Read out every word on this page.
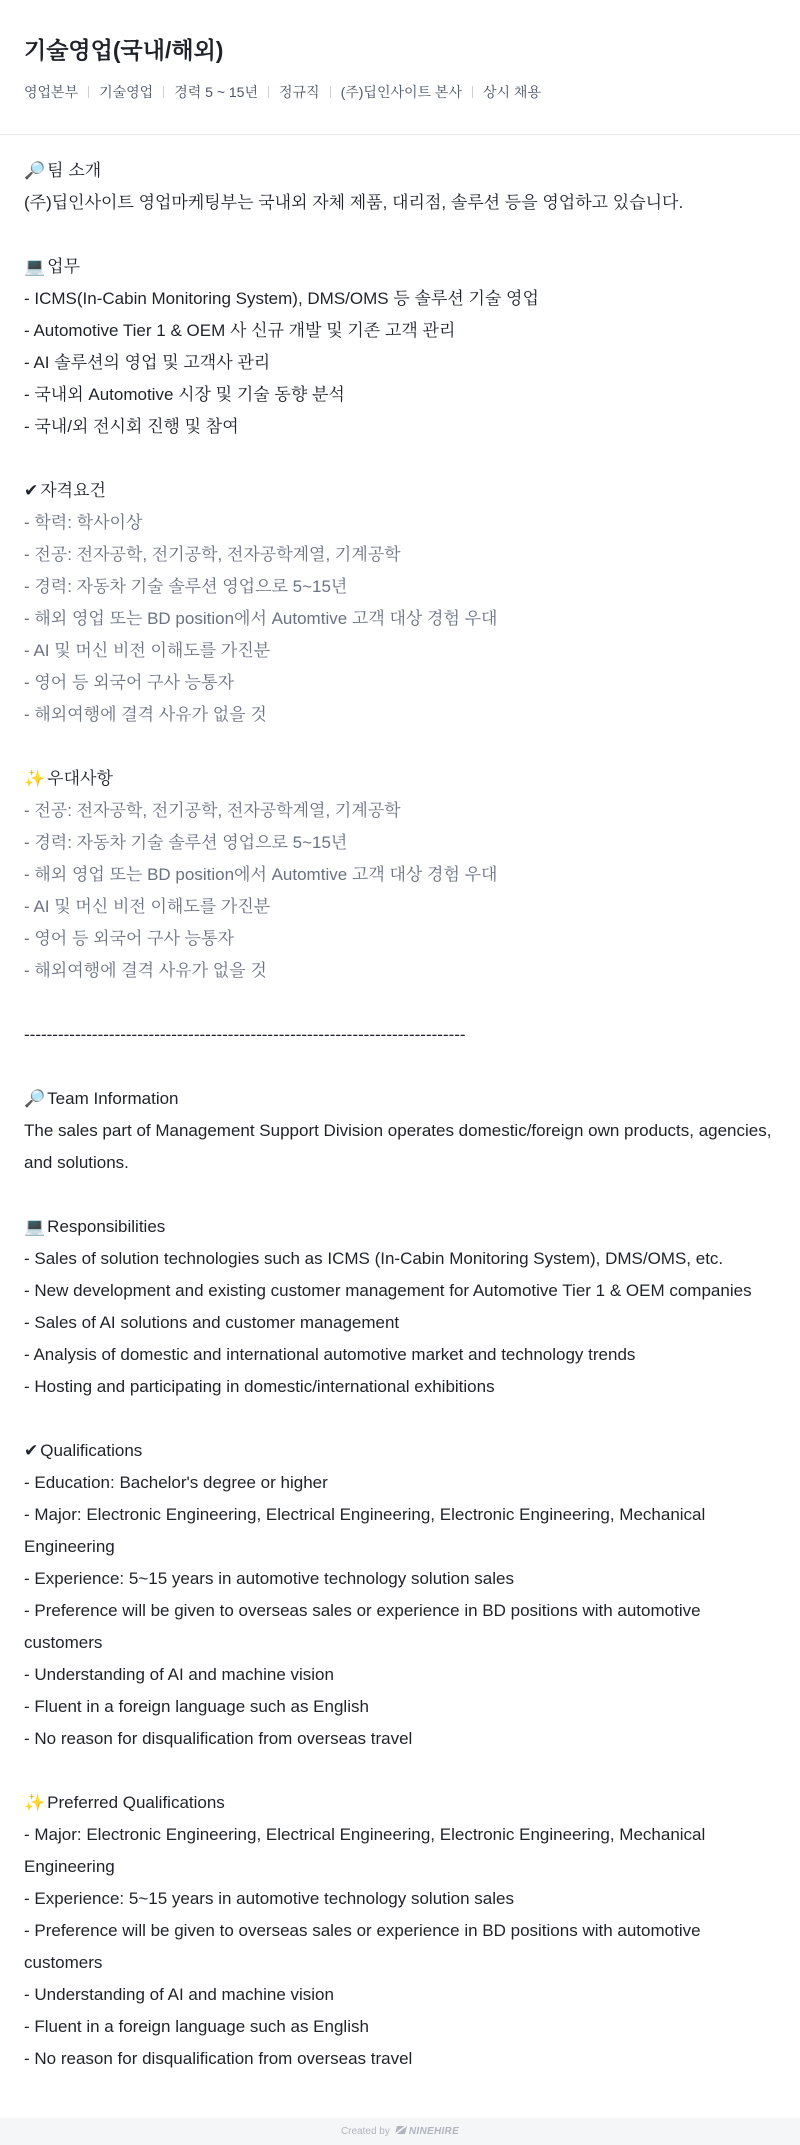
기술영업(국내/해외)
영업본부 기술영업 경력 5 ~ 15년 정규직 (주)딥인사이트 본사 상시 채용

🔎 팀 소개

(주)딥인사이트 영업마케팅부는 국내외 자체 제품, 대리점, 솔루션 등을 영업하고 있습니다.

💻 업무

- ICMS(In-Cabin Monitoring System), DMS/OMS 등 솔루션 기술 영업

- Automotive Tier 1 & OEM 사 신규 개발 및 기존 고객 관리

- AI 솔루션의 영업 및 고객사 관리

- 국내외 Automotive 시장 및 기술 동향 분석

- 국내/외 전시회 진행 및 참여

✔ 자격요건

- 학력: 학사이상

- 전공: 전자공학, 전기공학, 전자공학계열, 기계공학

- 경력: 자동차 기술 솔루션 영업으로 5~15년

- 해외 영업 또는 BD position에서 Automtive 고객 대상 경험 우대

- AI 및 머신 비전 이해도를 가진분

- 영어 등 외국어 구사 능통자

- 해외여행에 결격 사유가 없을 것

✨ 우대사항

- 전공: 전자공학, 전기공학, 전자공학계열, 기계공학

- 경력: 자동차 기술 솔루션 영업으로 5~15년

- 해외 영업 또는 BD position에서 Automtive 고객 대상 경험 우대

- AI 및 머신 비전 이해도를 가진분

- 영어 등 외국어 구사 능통자

- 해외여행에 결격 사유가 없을 것

------------------------------------------------------------------------------

🔎 Team Information

The sales part of Management Support Division operates domestic/foreign own products, agencies, and solutions.

💻 Responsibilities

- Sales of solution technologies such as ICMS (In-Cabin Monitoring System), DMS/OMS, etc.

- New development and existing customer management for Automotive Tier 1 & OEM companies

- Sales of AI solutions and customer management

- Analysis of domestic and international automotive market and technology trends

- Hosting and participating in domestic/international exhibitions

✔ Qualifications

- Education: Bachelor's degree or higher

- Major: Electronic Engineering, Electrical Engineering, Electronic Engineering, Mechanical Engineering

- Experience: 5~15 years in automotive technology solution sales

- Preference will be given to overseas sales or experience in BD positions with automotive customers

- Understanding of AI and machine vision

- Fluent in a foreign language such as English

- No reason for disqualification from overseas travel

✨ Preferred Qualifications

- Major: Electronic Engineering, Electrical Engineering, Electronic Engineering, Mechanical Engineering

- Experience: 5~15 years in automotive technology solution sales

- Preference will be given to overseas sales or experience in BD positions with automotive customers

- Understanding of AI and machine vision

- Fluent in a foreign language such as English

- No reason for disqualification from overseas travel

Created by	NINEHIRE
